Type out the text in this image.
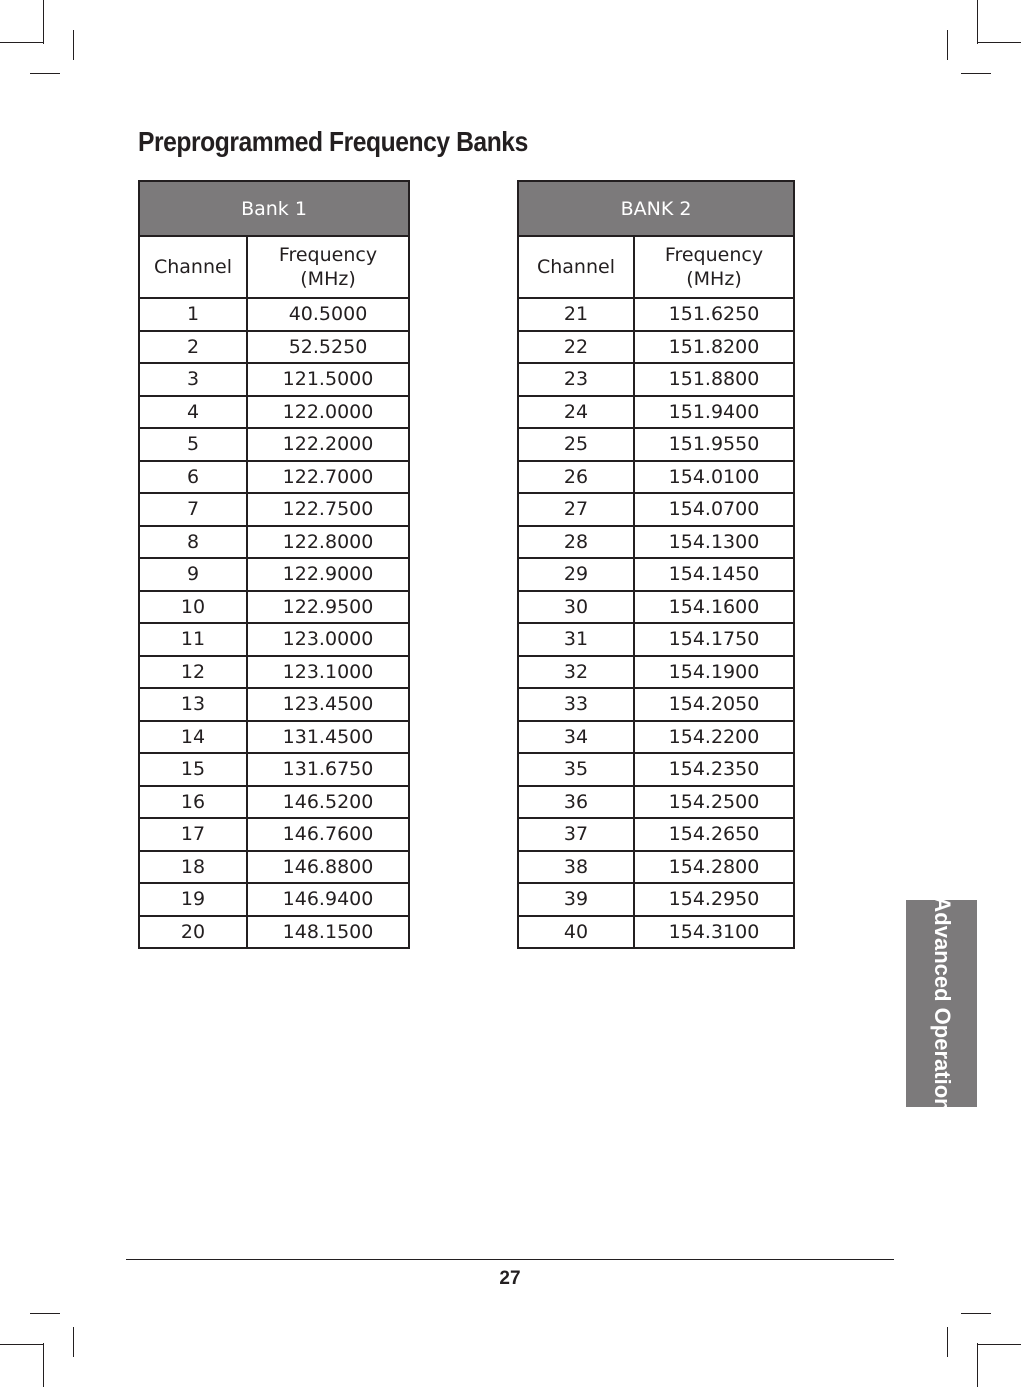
Preprogrammed Frequency Banks
Bank 1	
Channel	Frequency
(MHz)
1	40.5000
2	52.5250
3	121.5000
4	122.0000
5	122.2000
6	122.7000
7	122.7500
8	122.8000
9	122.9000
10	122.9500
11	123.0000
12	123.1000
13	123.4500
14	131.4500
15	131.6750
16	146.5200
17	146.7600
18	146.8800
19	146.9400
20	148.1500
BANK 2	
Channel	Frequency
(MHz)
21	151.6250
22	151.8200
23	151.8800
24	151.9400
25	151.9550
26	154.0100
27	154.0700
28	154.1300
29	154.1450
30	154.1600
31	154.1750
32	154.1900
33	154.2050
34	154.2200
35	154.2350
36	154.2500
37	154.2650
38	154.2800
39	154.2950
40	154.3100	Advanced Operation
27
